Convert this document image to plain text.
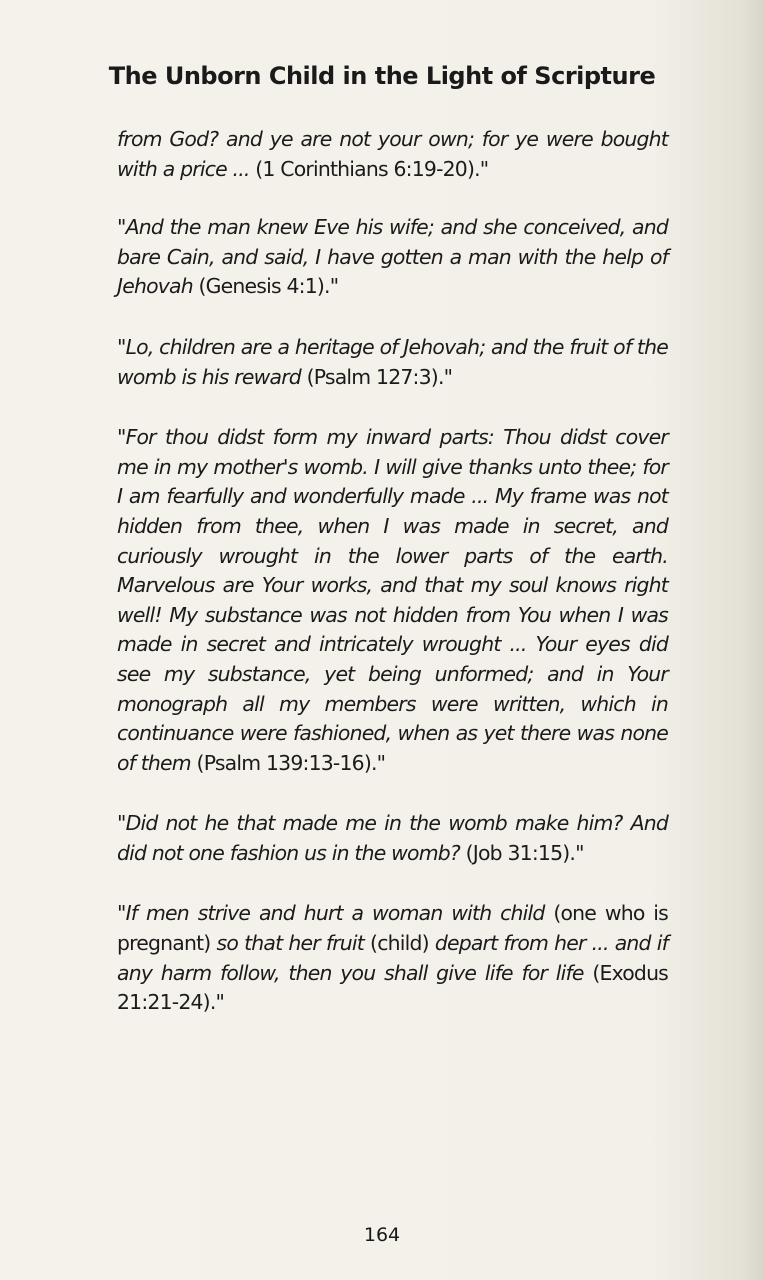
The Unborn Child in the Light of Scripture

from God? and ye are not your own; for ye were bought with a price ... (1 Corinthians 6:19-20)."

"And the man knew Eve his wife; and she conceived, and bare Cain, and said, I have gotten a man with the help of Jehovah (Genesis 4:1)."

"Lo, children are a heritage of Jehovah; and the fruit of the womb is his reward (Psalm 127:3)."

"For thou didst form my inward parts: Thou didst cover me in my mother's womb. I will give thanks unto thee; for I am fearfully and wonderfully made ... My frame was not hidden from thee, when I was made in secret, and curiously wrought in the lower parts of the earth. Marvelous are Your works, and that my soul knows right well! My substance was not hidden from You when I was made in secret and intricately wrought ... Your eyes did see my substance, yet being unformed; and in Your monograph all my members were written, which in continuance were fashioned, when as yet there was none of them (Psalm 139:13-16)."

"Did not he that made me in the womb make him? And did not one fashion us in the womb? (Job 31:15)."

"If men strive and hurt a woman with child (one who is pregnant) so that her fruit (child) depart from her ... and if any harm follow, then you shall give life for life (Exodus 21:21-24)."

164
